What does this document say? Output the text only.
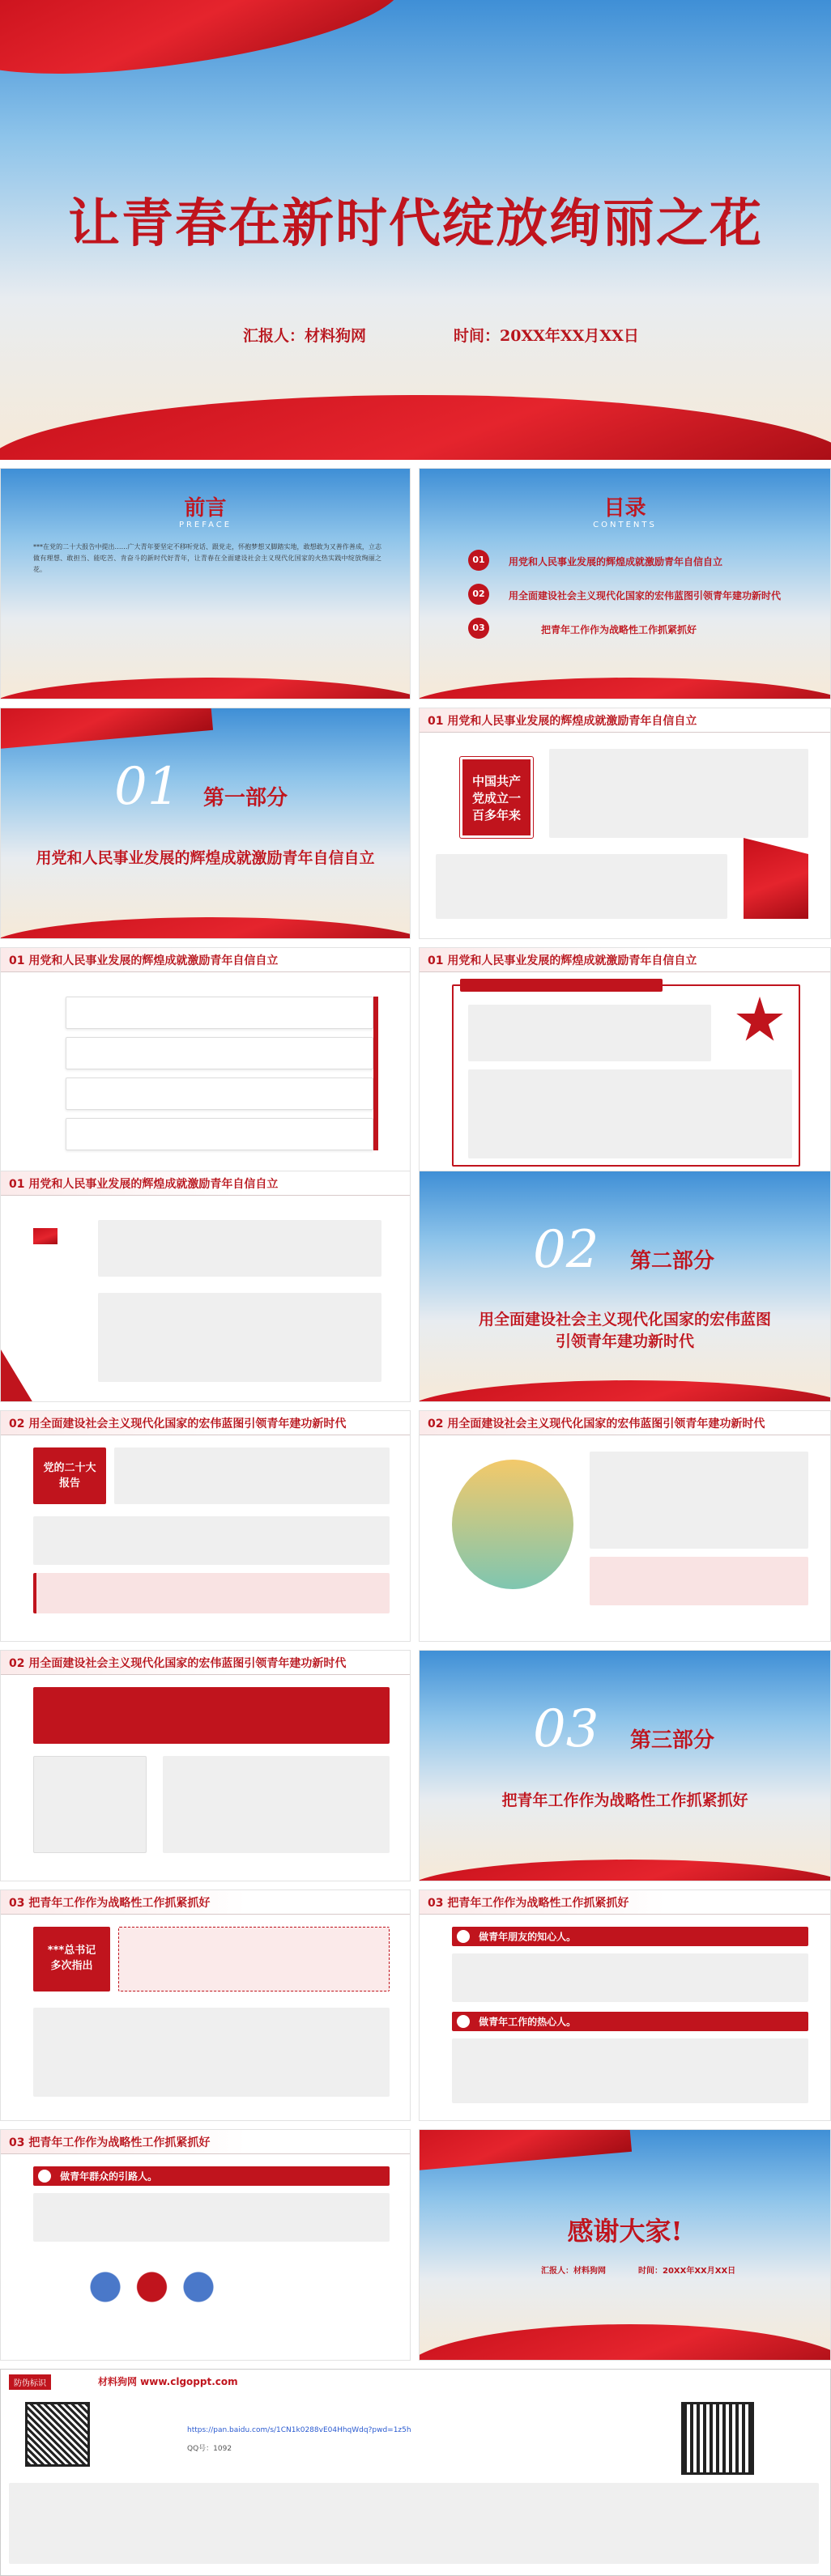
让青春在新时代绽放绚丽之花
汇报人：材料狗网	时间：20XX年XX月XX日
前言
PREFACE
***在党的二十大报告中提出……广大青年要坚定不移听党话、跟党走，怀抱梦想又脚踏实地，敢想敢为又善作善成，立志做有理想、敢担当、能吃苦、肯奋斗的新时代好青年，让青春在全面建设社会主义现代化国家的火热实践中绽放绚丽之花。
目录
CONTENTS
01	用党和人民事业发展的辉煌成就激励青年自信自立
02	用全面建设社会主义现代化国家的宏伟蓝图引领青年建功新时代
03	把青年工作作为战略性工作抓紧抓好
01 第一部分
用党和人民事业发展的辉煌成就激励青年自信自立
01 用党和人民事业发展的辉煌成就激励青年自信自立
中国共产
党成立一
百多年来
01 用党和人民事业发展的辉煌成就激励青年自信自立	01 用党和人民事业发展的辉煌成就激励青年自信自立
01 用党和人民事业发展的辉煌成就激励青年自信自立
02 第二部分
用全面建设社会主义现代化国家的宏伟蓝图
引领青年建功新时代
02 用全面建设社会主义现代化国家的宏伟蓝图引领青年建功新时代
党的二十大
报告
02 用全面建设社会主义现代化国家的宏伟蓝图引领青年建功新时代
02 用全面建设社会主义现代化国家的宏伟蓝图引领青年建功新时代
03 第三部分
把青年工作作为战略性工作抓紧抓好
03 把青年工作作为战略性工作抓紧抓好
***总书记
多次指出
03 把青年工作作为战略性工作抓紧抓好
做青年朋友的知心人。
做青年工作的热心人。
03 把青年工作作为战略性工作抓紧抓好
做青年群众的引路人。
感谢大家!
汇报人：材料狗网	时间：20XX年XX月XX日
材料狗网 www.clgoppt.com
防伪标识
https://pan.baidu.com/s/1CN1k0288vE04HhqWdq?pwd=1z5h
QQ号：1092
